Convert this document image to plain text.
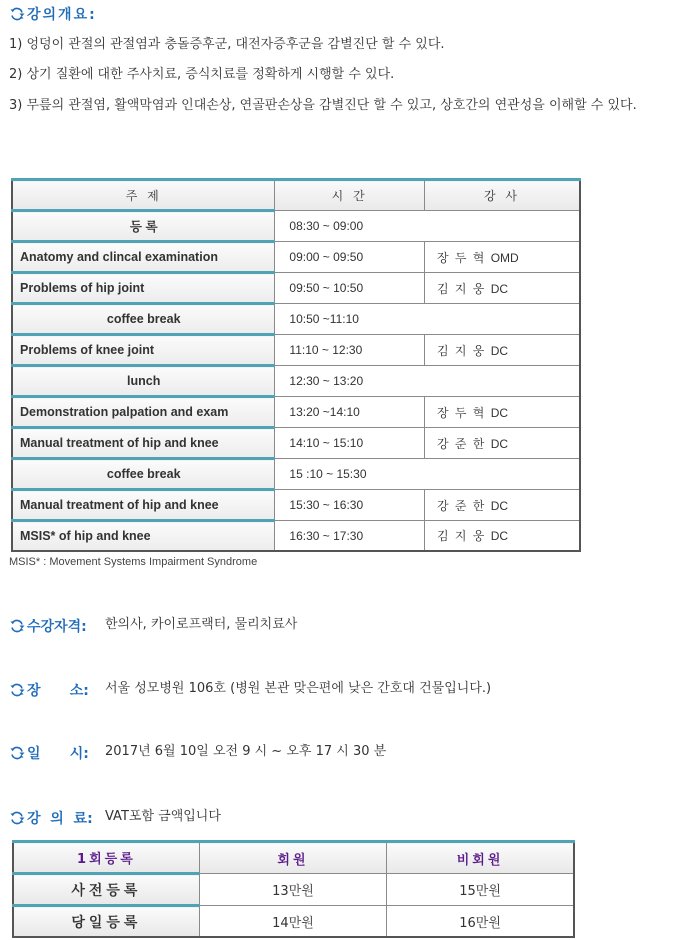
강의개요:
1) 엉덩이 관절의 관절염과 충돌증후군, 대전자증후군을 감별진단 할 수 있다.
2) 상기 질환에 대한 주사치료, 증식치료를 정확하게 시행할 수 있다.
3) 무릎의 관절염, 활액막염과 인대손상, 연골판손상을 감별진단 할 수 있고, 상호간의 연관성을 이해할 수 있다.
주 제	시 간	강 사
등 록	08:30 ~ 09:00	
Anatomy and clincal examination	09:00 ~ 09:50	장 두 혁 OMD
Problems of hip joint	09:50 ~ 10:50	김 지 웅 DC
coffee break	10:50 ~11:10	
Problems of knee joint	11:10 ~ 12:30	김 지 웅 DC
lunch	12:30 ~ 13:20	
Demonstration palpation and exam	13:20 ~14:10	장 두 혁 DC
Manual treatment of hip and knee	14:10 ~ 15:10	강 준 한 DC
coffee break	15 :10 ~ 15:30	
Manual treatment of hip and knee	15:30 ~ 16:30	강 준 한 DC
MSIS* of hip and knee	16:30 ~ 17:30	김 지 웅 DC
MSIS* : Movement Systems Impairment Syndrome
수강자격: 한의사, 카이로프랙터, 물리치료사
장      소: 서울 성모병원 106호 (병원 본관 맞은편에 낮은 간호대 건물입니다.)
일      시: 2017년 6월 10일 오전 9 시 ~ 오후 17 시 30 분
강  의  료: VAT포함 금액입니다
1회등록	회원	비회원
사전등록	13만원	15만원
당일등록	14만원	16만원
